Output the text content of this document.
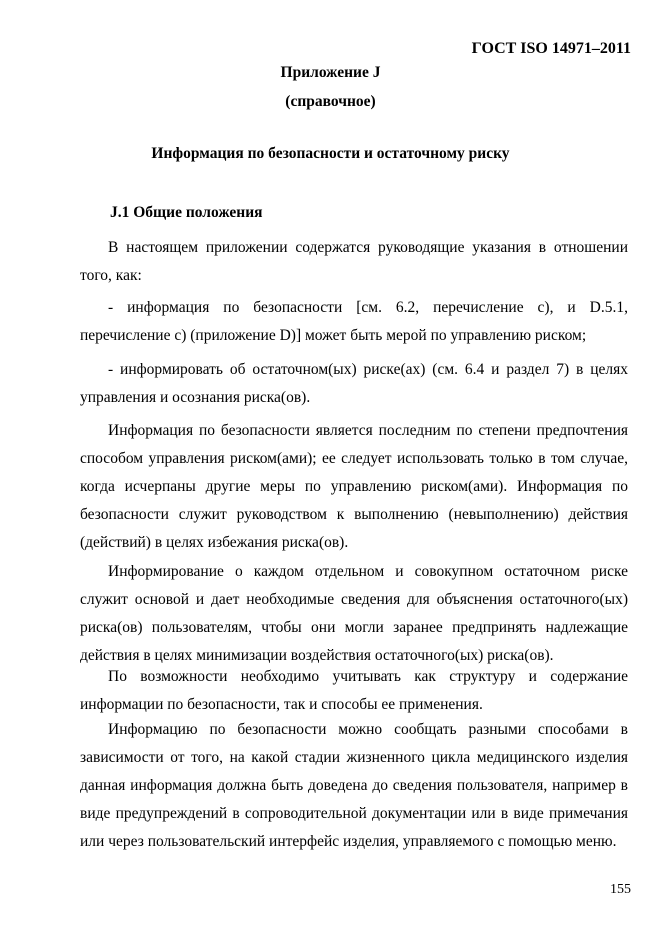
ГОСТ ISO 14971–2011
Приложение J
(справочное)
Информация по безопасности и остаточному риску
J.1 Общие положения

В настоящем приложении содержатся руководящие указания в отношении того, как:

- информация по безопасности [см. 6.2, перечисление с), и D.5.1, перечисление с) (приложение D)] может быть мерой по управлению риском;

- информировать об остаточном(ых) риске(ах) (см. 6.4 и раздел 7) в целях управления и осознания риска(ов).

Информация по безопасности является последним по степени предпочтения способом управления риском(ами); ее следует использовать только в том случае, когда исчерпаны другие меры по управлению риском(ами). Информация по безопасности служит руководством к выполнению (невыполнению) действия (действий) в целях избежания риска(ов).

Информирование о каждом отдельном и совокупном остаточном риске служит основой и дает необходимые сведения для объяснения остаточного(ых) риска(ов) пользователям, чтобы они могли заранее предпринять надлежащие действия в целях минимизации воздействия остаточного(ых) риска(ов).

По возможности необходимо учитывать как структуру и содержание информации по безопасности, так и способы ее применения.

Информацию по безопасности можно сообщать разными способами в зависимости от того, на какой стадии жизненного цикла медицинского изделия данная информация должна быть доведена до сведения пользователя, например в виде предупреждений в сопроводительной документации или в виде примечания или через пользовательский интерфейс изделия, управляемого с помощью меню.

155
